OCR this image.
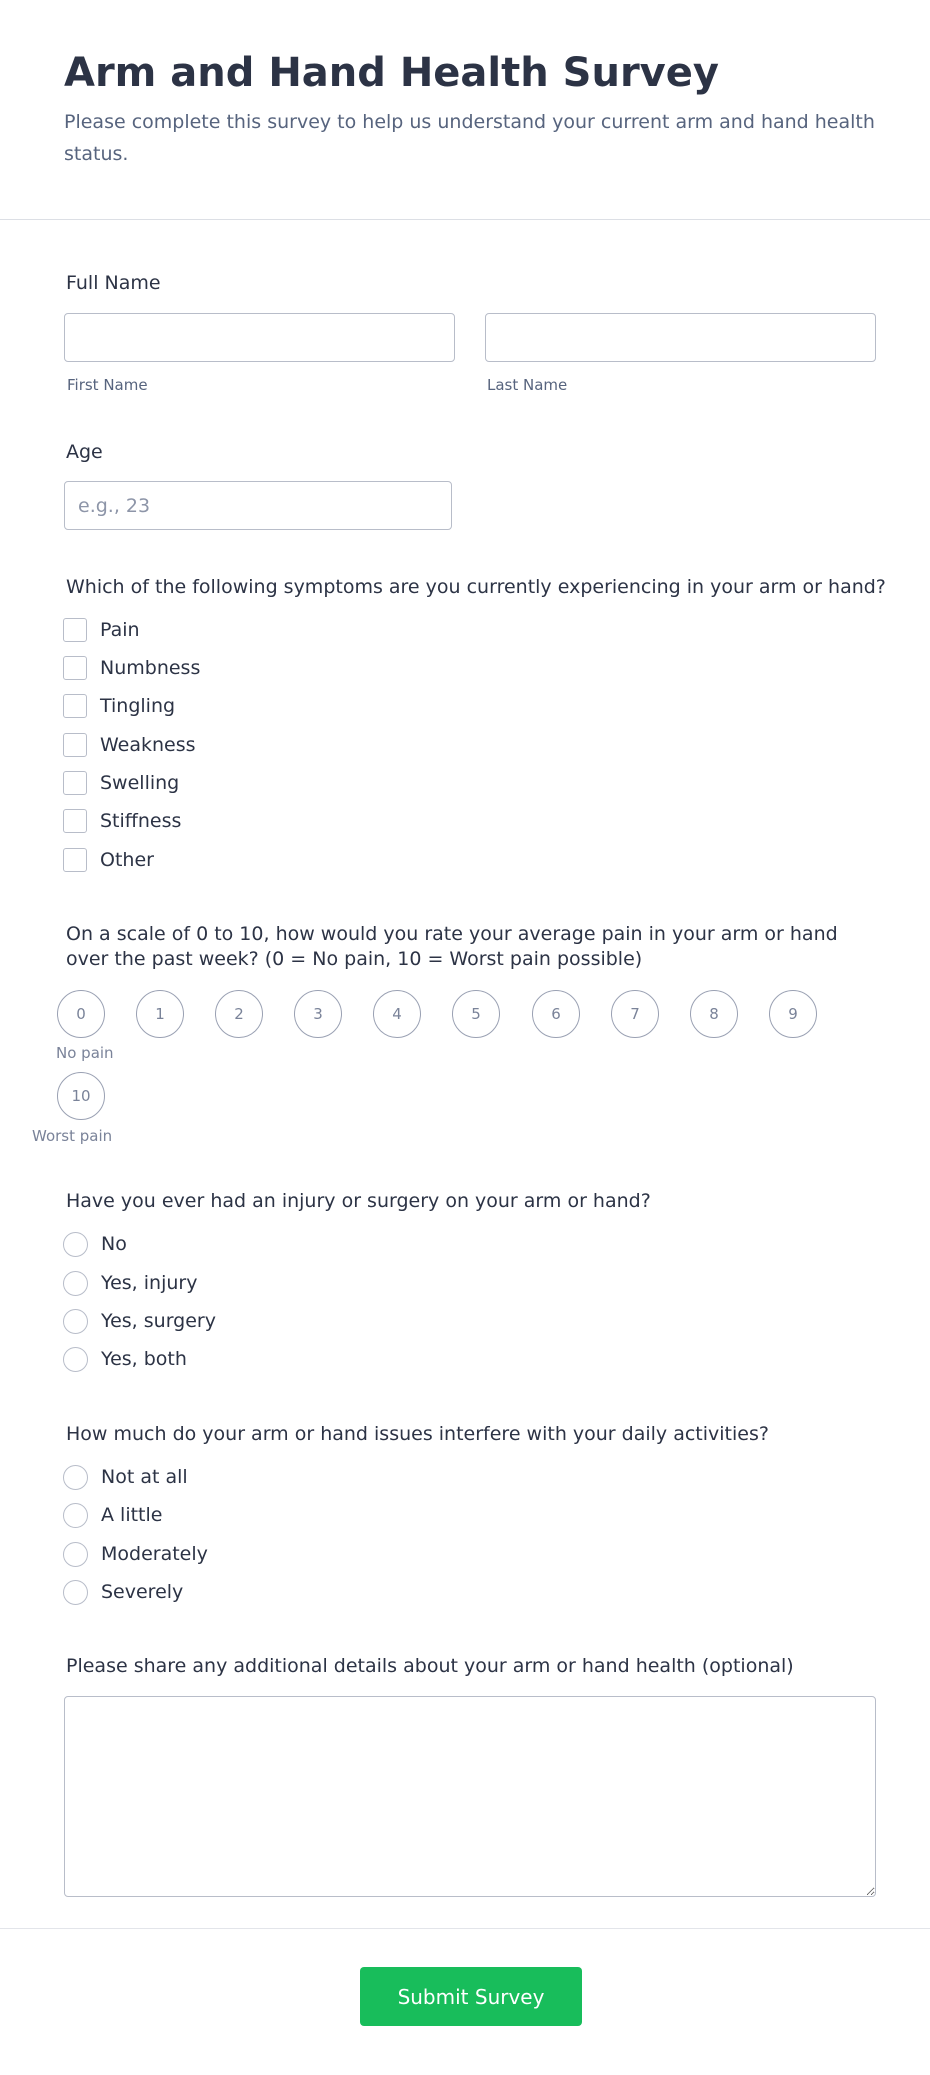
Arm and Hand Health Survey

Please complete this survey to help us understand your current arm and hand health status.

Full Name
First Name	Last Name
Age
e.g., 23
Which of the following symptoms are you currently experiencing in your arm or hand?
Pain
Numbness
Tingling
Weakness
Swelling
Stiffness
Other
On a scale of 0 to 10, how would you rate your average pain in your arm or hand over the past week? (0 = No pain, 10 = Worst pain possible)
0	1	2	3	4	5	6	7	8	9
No pain
10
Worst pain
Have you ever had an injury or surgery on your arm or hand?
No
Yes, injury
Yes, surgery
Yes, both
How much do your arm or hand issues interfere with your daily activities?
Not at all
A little
Moderately
Severely
Please share any additional details about your arm or hand health (optional)
Submit Survey
